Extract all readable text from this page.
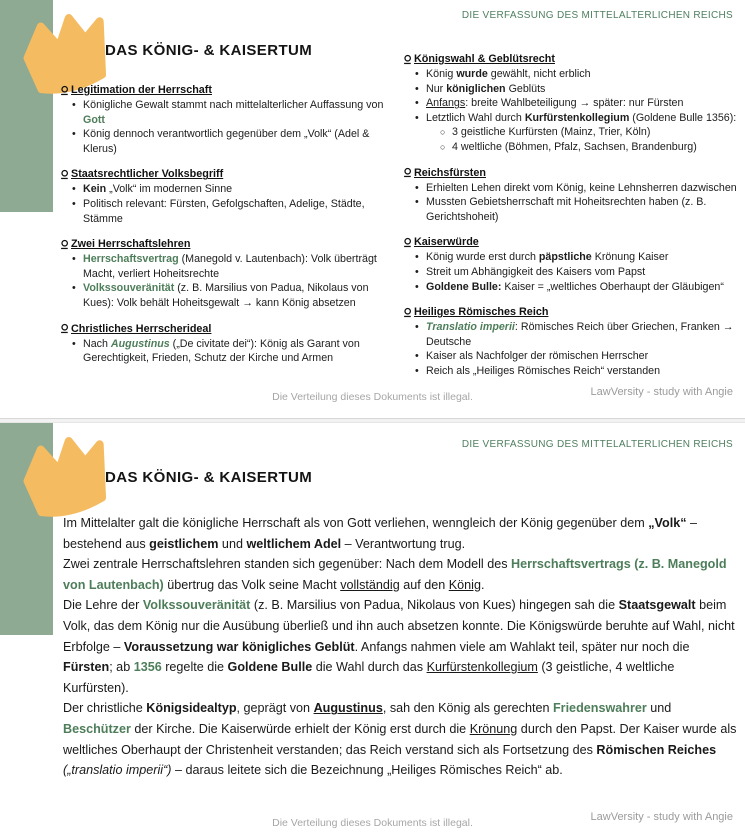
DIE VERFASSUNG DES MITTELALTERLICHEN REICHS
DAS KÖNIG- & KAISERTUM
Legitimation der Herrschaft
• Königliche Gewalt stammt nach mittelalterlicher Auffassung von Gott
• König dennoch verantwortlich gegenüber dem „Volk“ (Adel & Klerus)
Staatsrechtlicher Volksbegriff
• Kein „Volk“ im modernen Sinne
• Politisch relevant: Fürsten, Gefolgschaften, Adelige, Städte, Stämme
Zwei Herrschaftslehren
• Herrschaftsvertrag (Manegold v. Lautenbach): Volk überträgt Macht, verliert Hoheitsrechte
• Volkssouveränität (z. B. Marsilius von Padua, Nikolaus von Kues): Volk behält Hoheitsgewalt → kann König absetzen
Christliches Herrscherideal
• Nach Augustinus („De civitate dei“): König als Garant von Gerechtigkeit, Frieden, Schutz der Kirche und Armen
Königswahl & Geblütsrecht
• König wurde gewählt, nicht erblich
• Nur königlichen Geblüts
• Anfangs: breite Wahlbeteiligung → später: nur Fürsten
• Letztlich Wahl durch Kurfürstenkollegium (Goldene Bulle 1356):
○ 3 geistliche Kurfürsten (Mainz, Trier, Köln)
○ 4 weltliche (Böhmen, Pfalz, Sachsen, Brandenburg)
Reichsfürsten
• Erhielten Lehen direkt vom König, keine Lehnsherren dazwischen
• Mussten Gebietsherrschaft mit Hoheitsrechten haben (z. B. Gerichtshoheit)
Kaiserwürde
• König wurde erst durch päpstliche Krönung Kaiser
• Streit um Abhängigkeit des Kaisers vom Papst
• Goldene Bulle: Kaiser = „weltliches Oberhaupt der Gläubigen“
Heiliges Römisches Reich
• Translatio imperii: Römisches Reich über Griechen, Franken → Deutsche
• Kaiser als Nachfolger der römischen Herrscher
• Reich als „Heiliges Römisches Reich“ verstanden
Die Verteilung dieses Dokuments ist illegal.	LawVersity - study with Angie
DIE VERFASSUNG DES MITTELALTERLICHEN REICHS
DAS KÖNIG- & KAISERTUM
Im Mittelalter galt die königliche Herrschaft als von Gott verliehen, wenngleich der König gegenüber dem „Volk“ – bestehend aus geistlichem und weltlichem Adel – Verantwortung trug.
Zwei zentrale Herrschaftslehren standen sich gegenüber: Nach dem Modell des Herrschaftsvertrags (z. B. Manegold von Lautenbach) übertrug das Volk seine Macht vollständig auf den König.
Die Lehre der Volkssouveränität (z. B. Marsilius von Padua, Nikolaus von Kues) hingegen sah die Staatsgewalt beim Volk, das dem König nur die Ausübung überließ und ihn auch absetzen konnte. Die Königswürde beruhte auf Wahl, nicht Erbfolge – Voraussetzung war königliches Geblüt. Anfangs nahmen viele am Wahlakt teil, später nur noch die Fürsten; ab 1356 regelte die Goldene Bulle die Wahl durch das Kurfürstenkollegium (3 geistliche, 4 weltliche Kurfürsten).
Der christliche Königsidealtyp, geprägt von Augustinus, sah den König als gerechten Friedenswahrer und Beschützer der Kirche. Die Kaiserwürde erhielt der König erst durch die Krönung durch den Papst. Der Kaiser wurde als weltliches Oberhaupt der Christenheit verstanden; das Reich verstand sich als Fortsetzung des Römischen Reiches („translatio imperii“) – daraus leitete sich die Bezeichnung „Heiliges Römisches Reich“ ab.
Die Verteilung dieses Dokuments ist illegal.	LawVersity - study with Angie
